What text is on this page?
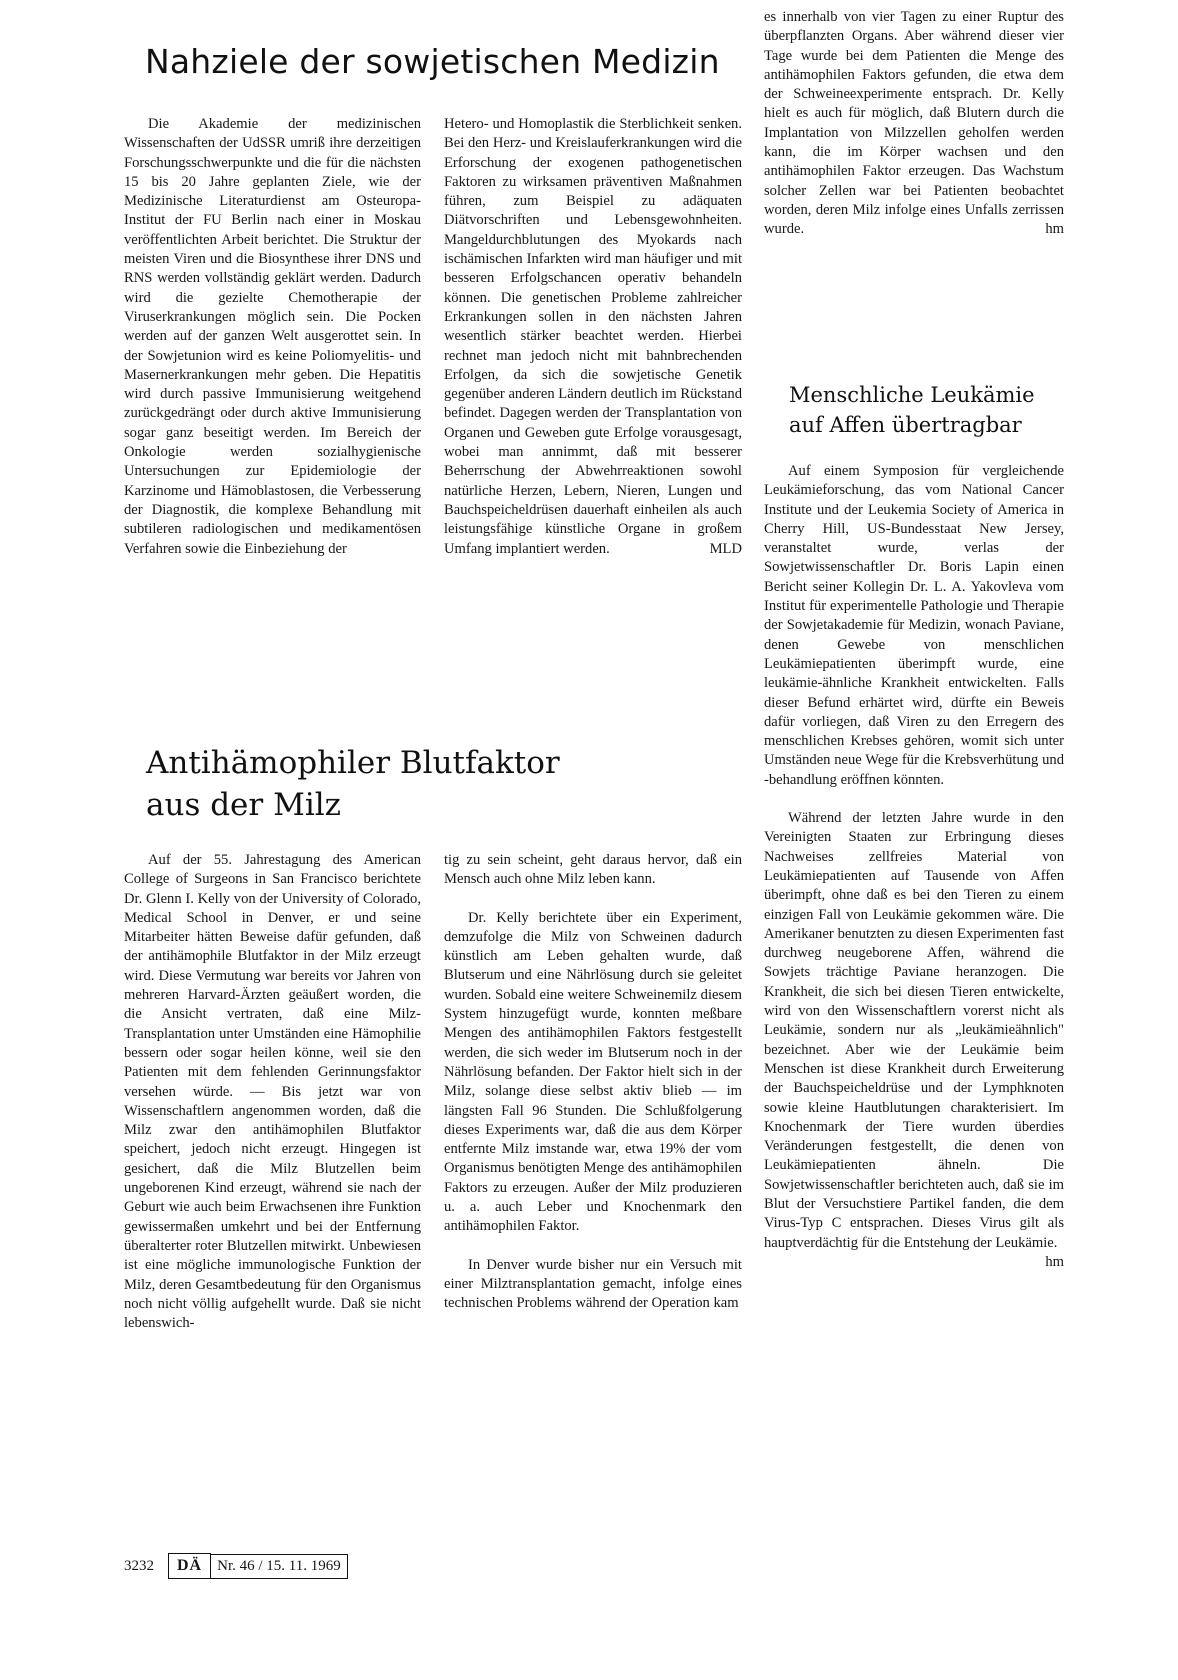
Nahziele der sowjetischen Medizin

Die Akademie der medizinischen Wissenschaften der UdSSR umriß ihre derzeitigen Forschungsschwerpunkte und die für die nächsten 15 bis 20 Jahre geplanten Ziele, wie der Medizinische Literaturdienst am Osteuropa-Institut der FU Berlin nach einer in Moskau veröffentlichten Arbeit berichtet. Die Struktur der meisten Viren und die Biosynthese ihrer DNS und RNS werden vollständig geklärt werden. Dadurch wird die gezielte Chemotherapie der Viruserkrankungen möglich sein. Die Pocken werden auf der ganzen Welt ausgerottet sein. In der Sowjetunion wird es keine Poliomyelitis- und Masernerkrankungen mehr geben. Die Hepatitis wird durch passive Immunisierung weitgehend zurückgedrängt oder durch aktive Immunisierung sogar ganz beseitigt werden. Im Bereich der Onkologie werden sozialhygienische Untersuchungen zur Epidemiologie der Karzinome und Hämoblastosen, die Verbesserung der Diagnostik, die komplexe Behandlung mit subtileren radiologischen und medikamentösen Verfahren sowie die Einbeziehung der

Hetero- und Homoplastik die Sterblichkeit senken. Bei den Herz- und Kreislauferkrankungen wird die Erforschung der exogenen pathogenetischen Faktoren zu wirksamen präventiven Maßnahmen führen, zum Beispiel zu adäquaten Diätvorschriften und Lebensgewohnheiten. Mangeldurchblutungen des Myokards nach ischämischen Infarkten wird man häufiger und mit besseren Erfolgschancen operativ behandeln können. Die genetischen Probleme zahlreicher Erkrankungen sollen in den nächsten Jahren wesentlich stärker beachtet werden. Hierbei rechnet man jedoch nicht mit bahnbrechenden Erfolgen, da sich die sowjetische Genetik gegenüber anderen Ländern deutlich im Rückstand befindet. Dagegen werden der Transplantation von Organen und Geweben gute Erfolge vorausgesagt, wobei man annimmt, daß mit besserer Beherrschung der Abwehrreaktionen sowohl natürliche Herzen, Lebern, Nieren, Lungen und Bauchspeicheldrüsen dauerhaft einheilen als auch leistungsfähige künstliche Organe in großem Umfang implantiert werden.	MLD

Antihämophiler Blutfaktor
aus der Milz

Auf der 55. Jahrestagung des American College of Surgeons in San Francisco berichtete Dr. Glenn I. Kelly von der University of Colorado, Medical School in Denver, er und seine Mitarbeiter hätten Beweise dafür gefunden, daß der antihämophile Blutfaktor in der Milz erzeugt wird. Diese Vermutung war bereits vor Jahren von mehreren Harvard-Ärzten geäußert worden, die die Ansicht vertraten, daß eine Milz-Transplantation unter Umständen eine Hämophilie bessern oder sogar heilen könne, weil sie den Patienten mit dem fehlenden Gerinnungsfaktor versehen würde. — Bis jetzt war von Wissenschaftlern angenommen worden, daß die Milz zwar den antihämophilen Blutfaktor speichert, jedoch nicht erzeugt. Hingegen ist gesichert, daß die Milz Blutzellen beim ungeborenen Kind erzeugt, während sie nach der Geburt wie auch beim Erwachsenen ihre Funktion gewissermaßen umkehrt und bei der Entfernung überalterter roter Blutzellen mitwirkt. Unbewiesen ist eine mögliche immunologische Funktion der Milz, deren Gesamtbedeutung für den Organismus noch nicht völlig aufgehellt wurde. Daß sie nicht lebenswich-

tig zu sein scheint, geht daraus hervor, daß ein Mensch auch ohne Milz leben kann.

Dr. Kelly berichtete über ein Experiment, demzufolge die Milz von Schweinen dadurch künstlich am Leben gehalten wurde, daß Blutserum und eine Nährlösung durch sie geleitet wurden. Sobald eine weitere Schweinemilz diesem System hinzugefügt wurde, konnten meßbare Mengen des antihämophilen Faktors festgestellt werden, die sich weder im Blutserum noch in der Nährlösung befanden. Der Faktor hielt sich in der Milz, solange diese selbst aktiv blieb — im längsten Fall 96 Stunden. Die Schlußfolgerung dieses Experiments war, daß die aus dem Körper entfernte Milz imstande war, etwa 19% der vom Organismus benötigten Menge des antihämophilen Faktors zu erzeugen. Außer der Milz produzieren u. a. auch Leber und Knochenmark den antihämophilen Faktor.

In Denver wurde bisher nur ein Versuch mit einer Milztransplantation gemacht, infolge eines technischen Problems während der Operation kam

es innerhalb von vier Tagen zu einer Ruptur des überpflanzten Organs. Aber während dieser vier Tage wurde bei dem Patienten die Menge des antihämophilen Faktors gefunden, die etwa dem der Schweineexperimente entsprach. Dr. Kelly hielt es auch für möglich, daß Blutern durch die Implantation von Milzzellen geholfen werden kann, die im Körper wachsen und den antihämophilen Faktor erzeugen. Das Wachstum solcher Zellen war bei Patienten beobachtet worden, deren Milz infolge eines Unfalls zerrissen wurde.	hm

Menschliche Leukämie
auf Affen übertragbar

Auf einem Symposion für vergleichende Leukämieforschung, das vom National Cancer Institute und der Leukemia Society of America in Cherry Hill, US-Bundesstaat New Jersey, veranstaltet wurde, verlas der Sowjetwissenschaftler Dr. Boris Lapin einen Bericht seiner Kollegin Dr. L. A. Yakovleva vom Institut für experimentelle Pathologie und Therapie der Sowjetakademie für Medizin, wonach Paviane, denen Gewebe von menschlichen Leukämiepatienten überimpft wurde, eine leukämie-ähnliche Krankheit entwickelten. Falls dieser Befund erhärtet wird, dürfte ein Beweis dafür vorliegen, daß Viren zu den Erregern des menschlichen Krebses gehören, womit sich unter Umständen neue Wege für die Krebsverhütung und -behandlung eröffnen könnten.

Während der letzten Jahre wurde in den Vereinigten Staaten zur Erbringung dieses Nachweises zellfreies Material von Leukämiepatienten auf Tausende von Affen überimpft, ohne daß es bei den Tieren zu einem einzigen Fall von Leukämie gekommen wäre. Die Amerikaner benutzten zu diesen Experimenten fast durchweg neugeborene Affen, während die Sowjets trächtige Paviane heranzogen. Die Krankheit, die sich bei diesen Tieren entwickelte, wird von den Wissenschaftlern vorerst nicht als Leukämie, sondern nur als „leukämieähnlich" bezeichnet. Aber wie der Leukämie beim Menschen ist diese Krankheit durch Erweiterung der Bauchspeicheldrüse und der Lymphknoten sowie kleine Hautblutungen charakterisiert. Im Knochenmark der Tiere wurden überdies Veränderungen festgestellt, die denen von Leukämiepatienten ähneln. Die Sowjetwissenschaftler berichteten auch, daß sie im Blut der Versuchstiere Partikel fanden, die dem Virus-Typ C entsprachen. Dieses Virus gilt als hauptverdächtig für die Entstehung der Leukämie.
hm

3232	DÄ	Nr. 46 / 15. 11. 1969
